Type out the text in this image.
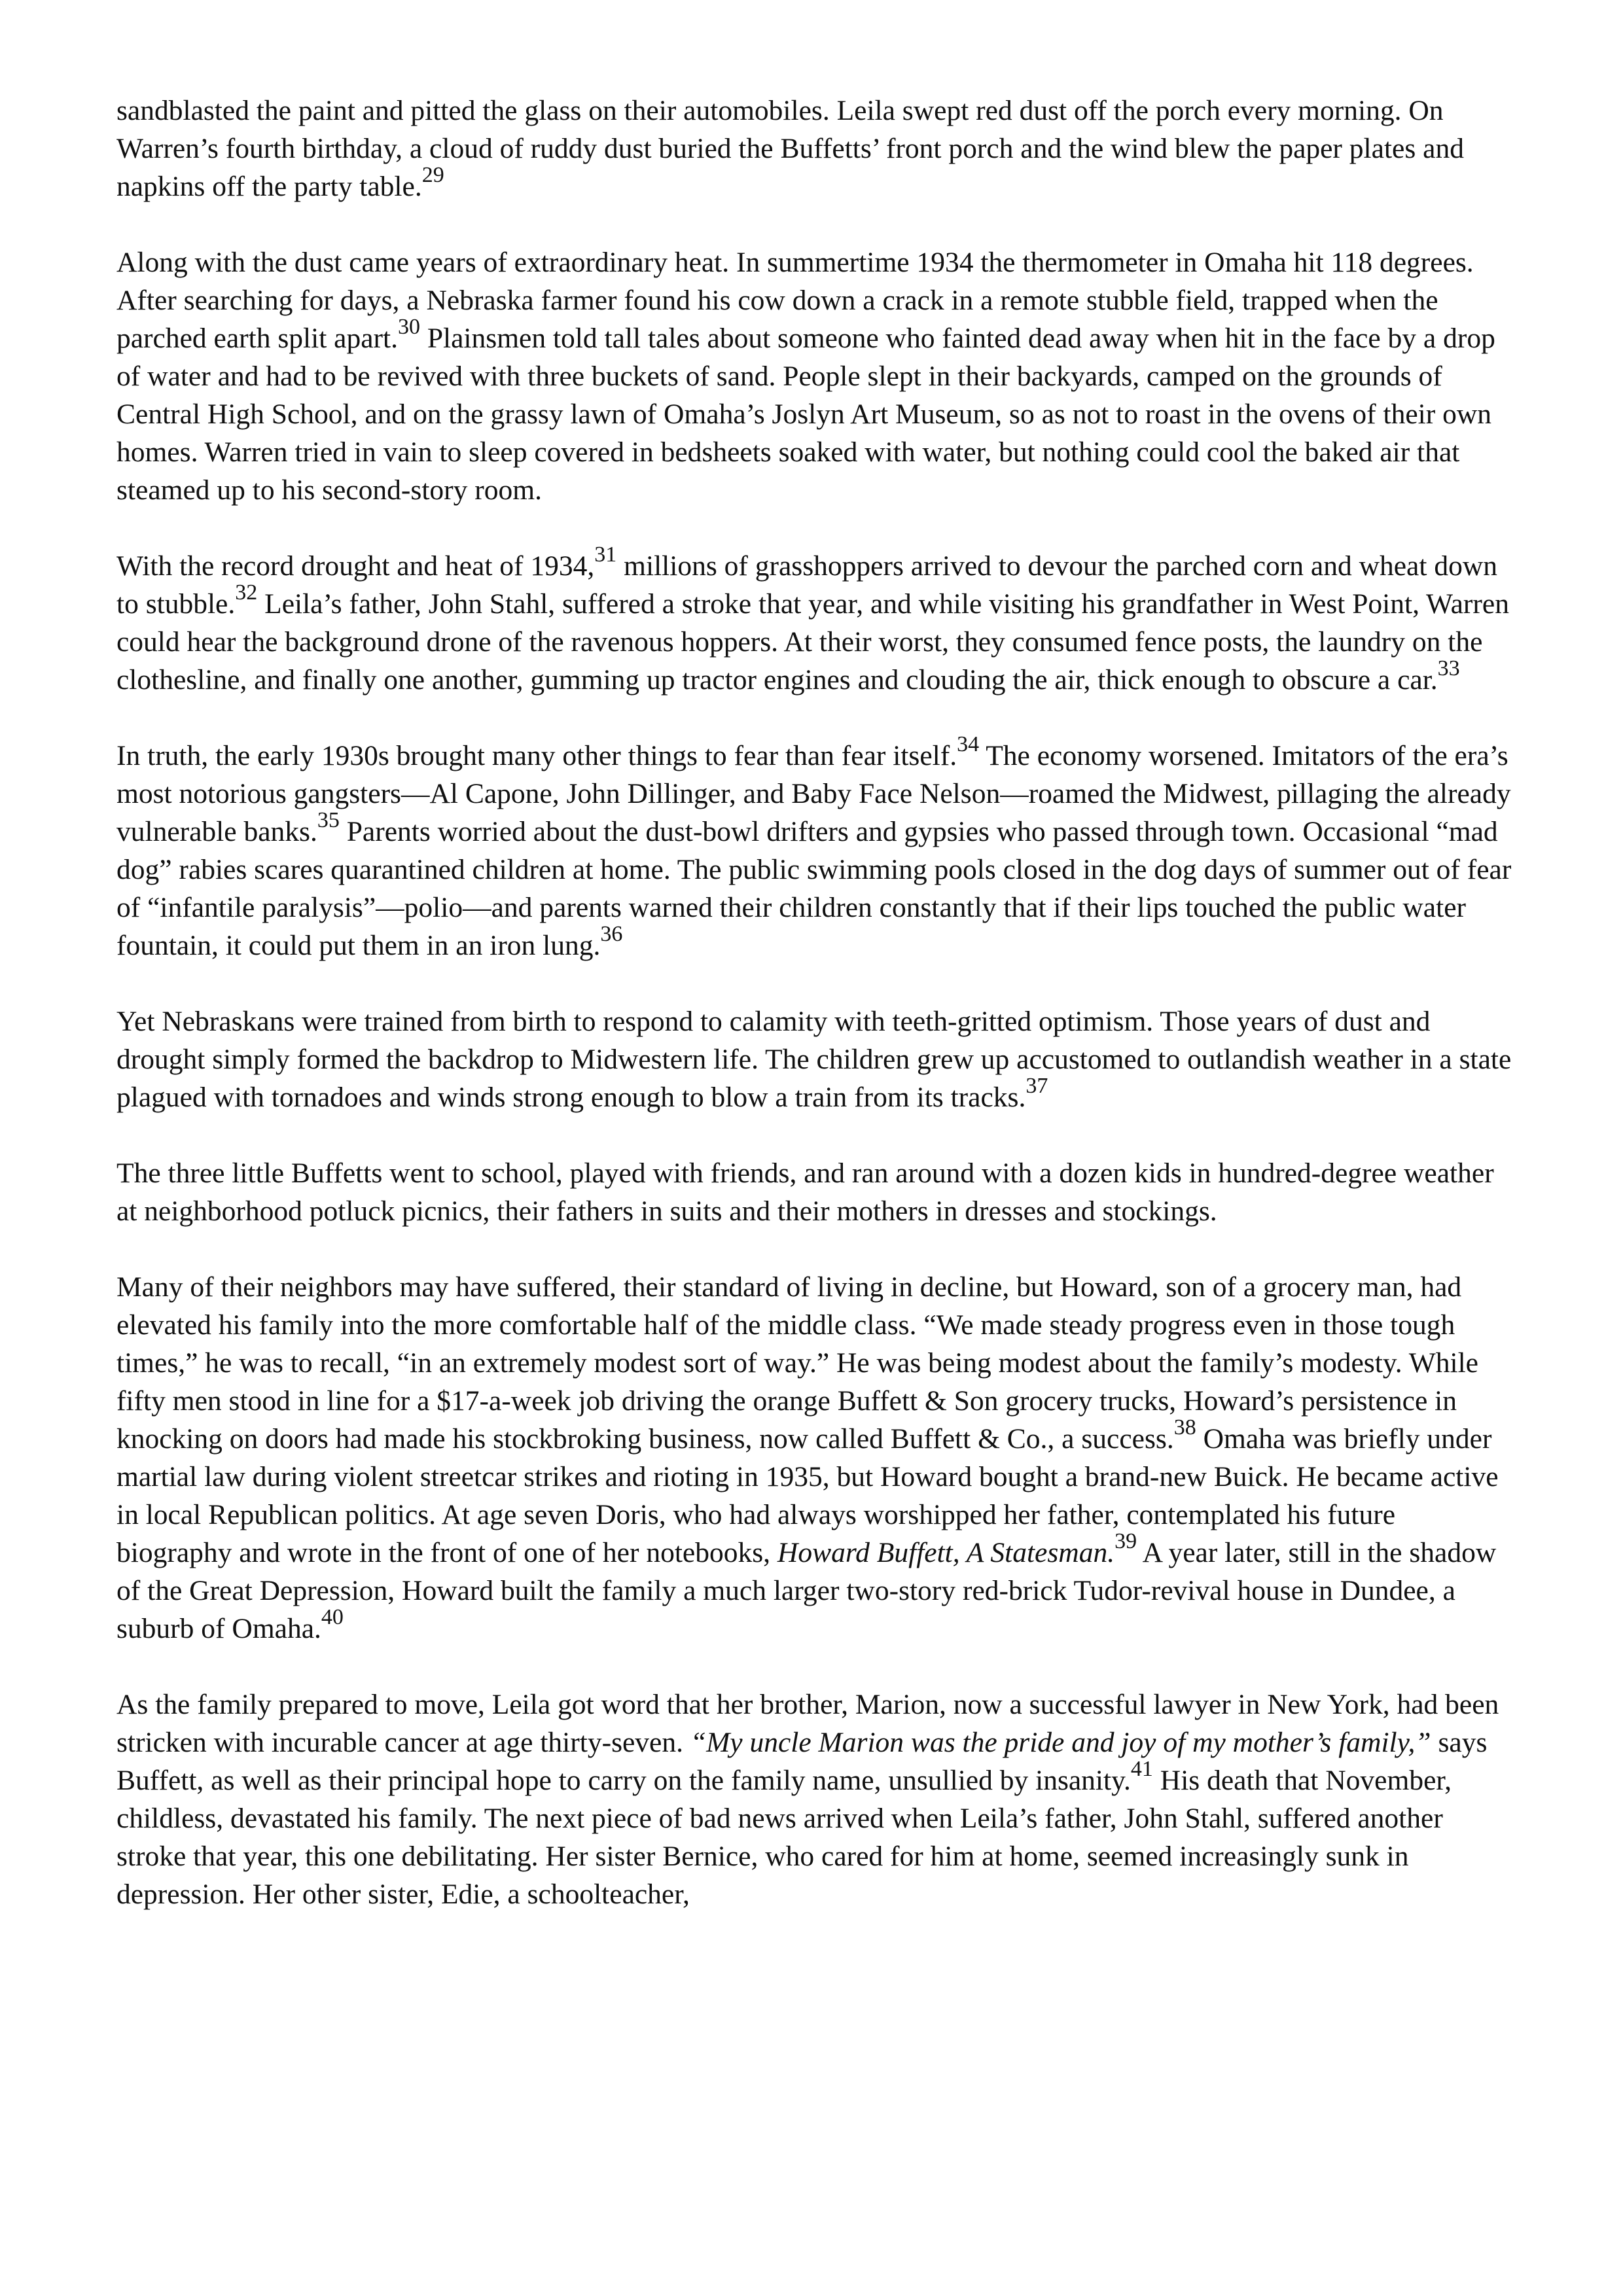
sandblasted the paint and pitted the glass on their automobiles. Leila swept red dust off the porch every morning. On Warren’s fourth birthday, a cloud of ruddy dust buried the Buffetts’ front porch and the wind blew the paper plates and napkins off the party table.$^{29}$

Along with the dust came years of extraordinary heat. In summertime 1934 the thermometer in Omaha hit 118 degrees. After searching for days, a Nebraska farmer found his cow down a crack in a remote stubble field, trapped when the parched earth split apart.$^{30}$ Plainsmen told tall tales about someone who fainted dead away when hit in the face by a drop of water and had to be revived with three buckets of sand. People slept in their backyards, camped on the grounds of Central High School, and on the grassy lawn of Omaha’s Joslyn Art Museum, so as not to roast in the ovens of their own homes. Warren tried in vain to sleep covered in bedsheets soaked with water, but nothing could cool the baked air that steamed up to his second-story room.

With the record drought and heat of 1934,31 millions of grasshoppers arrived to devour the parched corn and wheat down to stubble.$^{32}$ Leila’s father, John Stahl, suffered a stroke that year, and while visiting his grandfather in West Point, Warren could hear the background drone of the ravenous hoppers. At their worst, they consumed fence posts, the laundry on the clothesline, and finally one another, gumming up tractor engines and clouding the air, thick enough to obscure a car.$^{33}$

In truth, the early 1930s brought many other things to fear than fear itself.$^{34}$ The economy worsened. Imitators of the era’s most notorious gangsters—Al Capone, John Dillinger, and Baby Face Nelson—roamed the Midwest, pillaging the already vulnerable banks.$^{35}$ Parents worried about the dust-bowl drifters and gypsies who passed through town. Occasional “mad dog” rabies scares quarantined children at home. The public swimming pools closed in the dog days of summer out of fear of “infantile paralysis”—polio—and parents warned their children constantly that if their lips touched the public water fountain, it could put them in an iron lung.$^{36}$

Yet Nebraskans were trained from birth to respond to calamity with teeth-gritted optimism. Those years of dust and drought simply formed the backdrop to Midwestern life. The children grew up accustomed to outlandish weather in a state plagued with tornadoes and winds strong enough to blow a train from its tracks.$^{37}$

The three little Buffetts went to school, played with friends, and ran around with a dozen kids in hundred-degree weather at neighborhood potluck picnics, their fathers in suits and their mothers in dresses and stockings.

Many of their neighbors may have suffered, their standard of living in decline, but Howard, son of a grocery man, had elevated his family into the more comfortable half of the middle class. “We made steady progress even in those tough times,” he was to recall, “in an extremely modest sort of way.” He was being modest about the family’s modesty. While fifty men stood in line for a $17-a-week job driving the orange Buffett & Son grocery trucks, Howard’s persistence in knocking on doors had made his stockbroking business, now called Buffett & Co., a success.$^{38}$ Omaha was briefly under martial law during violent streetcar strikes and rioting in 1935, but Howard bought a brand-new Buick. He became active in local Republican politics. At age seven Doris, who had always worshipped her father, contemplated his future biography and wrote in the front of one of her notebooks, Howard Buffett, A Statesman.$^{39}$ A year later, still in the shadow of the Great Depression, Howard built the family a much larger two-story red-brick Tudor-revival house in Dundee, a suburb of Omaha.$^{40}$

As the family prepared to move, Leila got word that her brother, Marion, now a successful lawyer in New York, had been stricken with incurable cancer at age thirty-seven. “My uncle Marion was the pride and joy of my mother’s family,” says Buffett, as well as their principal hope to carry on the family name, unsullied by insanity.$^{41}$ His death that November, childless, devastated his family. The next piece of bad news arrived when Leila’s father, John Stahl, suffered another stroke that year, this one debilitating. Her sister Bernice, who cared for him at home, seemed increasingly sunk in depression. Her other sister, Edie, a schoolteacher,
